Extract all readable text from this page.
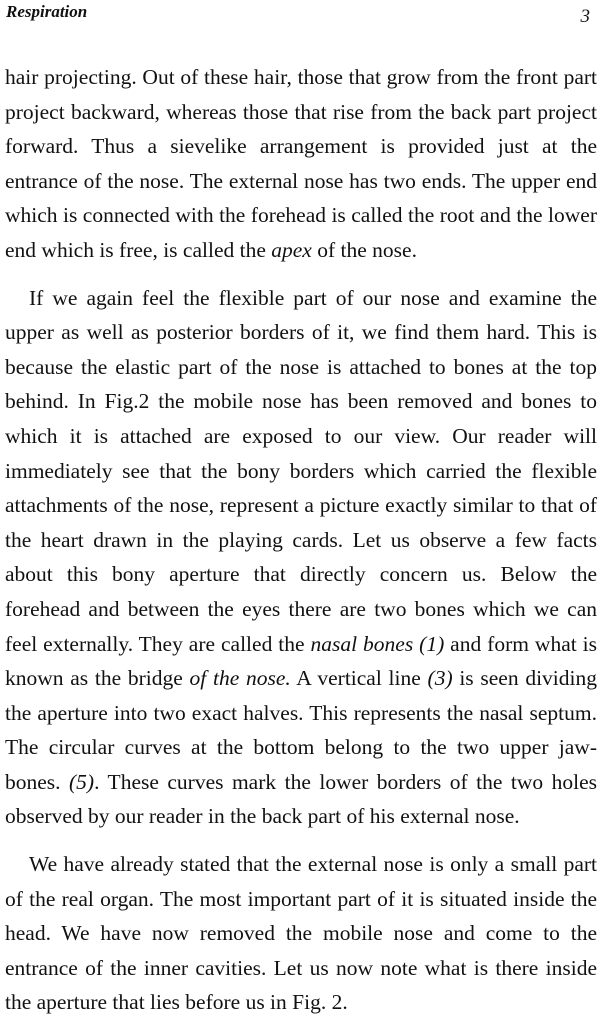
Respiration	3

hair projecting. Out of these hair, those that grow from the front part project backward, whereas those that rise from the back part project forward. Thus a sievelike arrangement is provided just at the entrance of the nose. The external nose has two ends. The upper end which is connected with the forehead is called the root and the lower end which is free, is called the apex of the nose.

If we again feel the flexible part of our nose and examine the upper as well as posterior borders of it, we find them hard. This is because the elastic part of the nose is attached to bones at the top behind. In Fig.2 the mobile nose has been removed and bones to which it is attached are exposed to our view. Our reader will immediately see that the bony borders which carried the flexible attachments of the nose, represent a picture exactly similar to that of the heart drawn in the playing cards. Let us observe a few facts about this bony aperture that directly concern us. Below the forehead and between the eyes there are two bones which we can feel externally. They are called the nasal bones (1) and form what is known as the bridge of the nose. A vertical line (3) is seen dividing the aperture into two exact halves. This represents the nasal septum. The circular curves at the bottom belong to the two upper jaw-bones. (5). These curves mark the lower borders of the two holes observed by our reader in the back part of his external nose.

We have already stated that the external nose is only a small part of the real organ. The most important part of it is situated inside the head. We have now removed the mobile nose and come to the entrance of the inner cavities. Let us now note what is there inside the aperture that lies before us in Fig. 2.
